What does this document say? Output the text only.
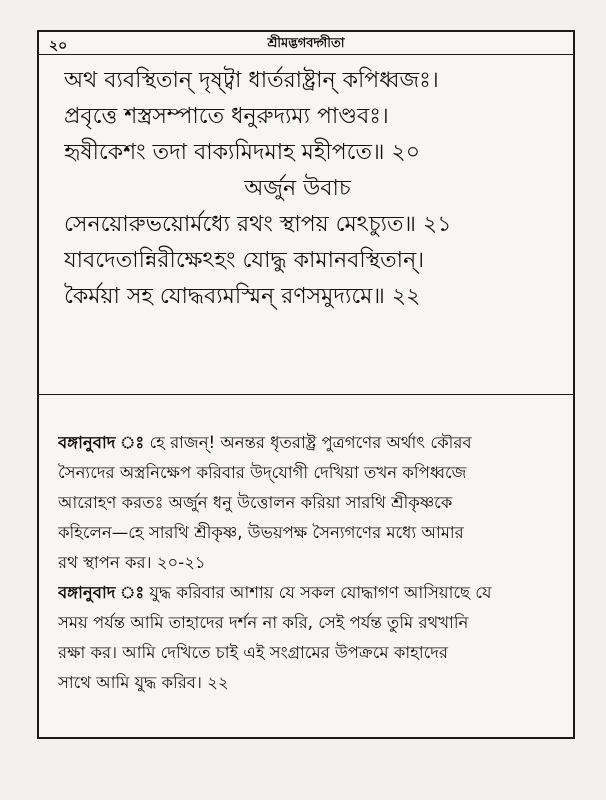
২০	শ্রীমদ্ভগবদ্গীতা
অথ ব্যবস্থিতান্ দৃষ্ট্বা ধার্তরাষ্ট্রান্ কপিধ্বজঃ।
প্রবৃত্তে শস্ত্রসম্পাতে ধনুরুদ্যম্য পাণ্ডবঃ।
হৃষীকেশং তদা বাক্যমিদমাহ মহীপতে॥ ২০
অর্জুন উবাচ
সেনয়োরুভয়োর্মধ্যে রথং স্থাপয় মেঽচ্যুত॥ ২১
যাবদেতান্নিরীক্ষেঽহং যোদ্ধু কামানবস্থিতান্।
কৈর্ময়া সহ যোদ্ধব্যমস্মিন্ রণসমুদ্যমে॥ ২২

বঙ্গানুবাদ ঃ হে রাজন্! অনন্তর ধৃতরাষ্ট্র পুত্রগণের অর্থাৎ কৌরব
সৈন্যদের অস্ত্রনিক্ষেপ করিবার উদ্‌যোগী দেখিয়া তখন কপিধ্বজে
আরোহণ করতঃ অর্জুন ধনু উত্তোলন করিয়া সারথি শ্রীকৃষ্ণকে
কহিলেন—হে সারথি শ্রীকৃষ্ণ, উভয়পক্ষ সৈন্যগণের মধ্যে আমার
রথ স্থাপন কর। ২০-২১

বঙ্গানুবাদ ঃ যুদ্ধ করিবার আশায় যে সকল যোদ্ধাগণ আসিয়াছে যে
সময় পর্যন্ত আমি তাহাদের দর্শন না করি, সেই পর্যন্ত তুমি রথখানি
রক্ষা কর। আমি দেখিতে চাই এই সংগ্রামের উপক্রমে কাহাদের
সাথে আমি যুদ্ধ করিব। ২২
